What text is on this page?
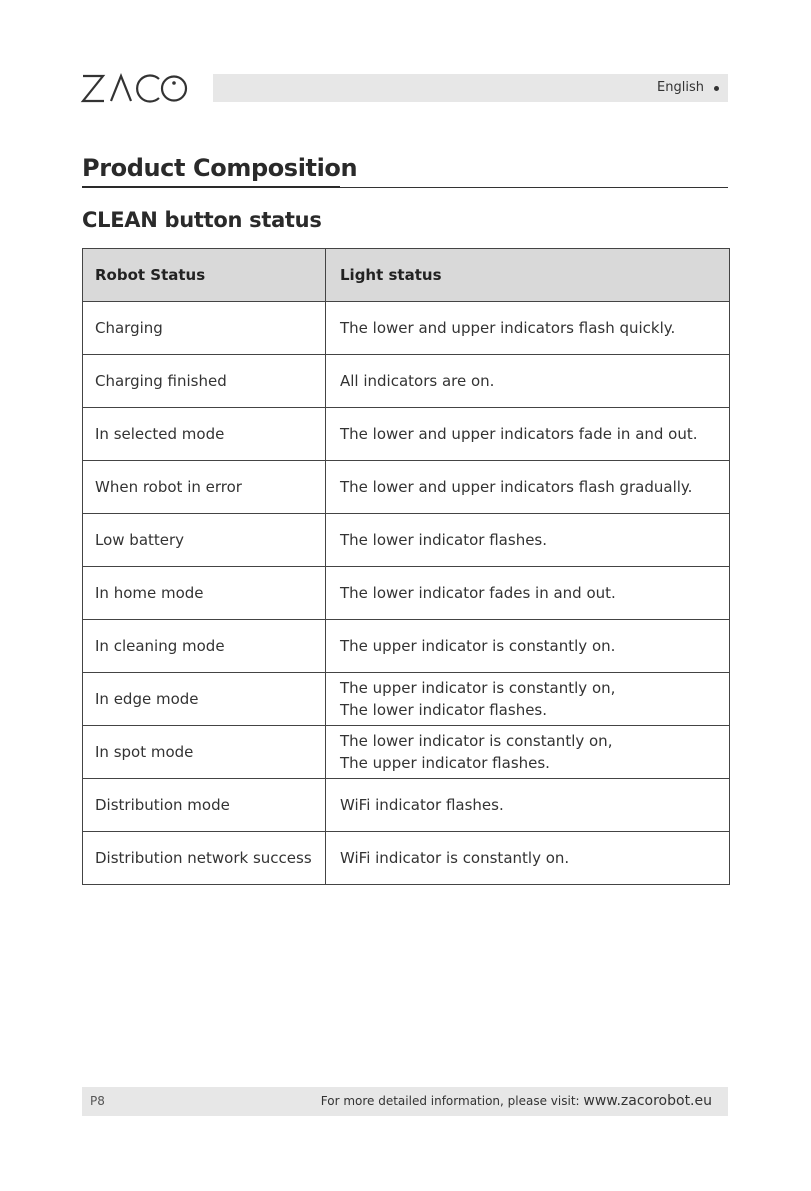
English
Product Composition
CLEAN button status
Robot Status	Light status
Charging	The lower and upper indicators flash quickly.

Charging finished	All indicators are on.

In selected mode	The lower and upper indicators fade in and out.

When robot in error	The lower and upper indicators flash gradually.

Low battery	The lower indicator flashes.

In home mode	The lower indicator fades in and out.

In cleaning mode	The upper indicator is constantly on.

In edge mode	The upper indicator is constantly on,
The lower indicator flashes.

In spot mode	The lower indicator is constantly on,
The upper indicator flashes.

Distribution mode	WiFi indicator flashes.

Distribution network success	WiFi indicator is constantly on.
P8	For more detailed information, please visit: www.zacorobot.eu
